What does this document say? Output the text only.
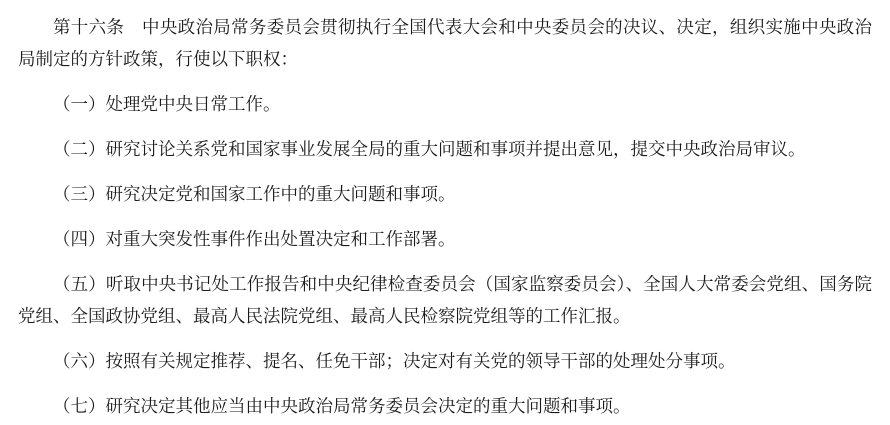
第十六条　中央政治局常务委员会贯彻执行全国代表大会和中央委员会的决议、决定，组织实施中央政治局制定的方针政策，行使以下职权：

（一）处理党中央日常工作。

（二）研究讨论关系党和国家事业发展全局的重大问题和事项并提出意见，提交中央政治局审议。

（三）研究决定党和国家工作中的重大问题和事项。

（四）对重大突发性事件作出处置决定和工作部署。

（五）听取中央书记处工作报告和中央纪律检查委员会（国家监察委员会）、全国人大常委会党组、国务院党组、全国政协党组、最高人民法院党组、最高人民检察院党组等的工作汇报。

（六）按照有关规定推荐、提名、任免干部；决定对有关党的领导干部的处理处分事项。

（七）研究决定其他应当由中央政治局常务委员会决定的重大问题和事项。
